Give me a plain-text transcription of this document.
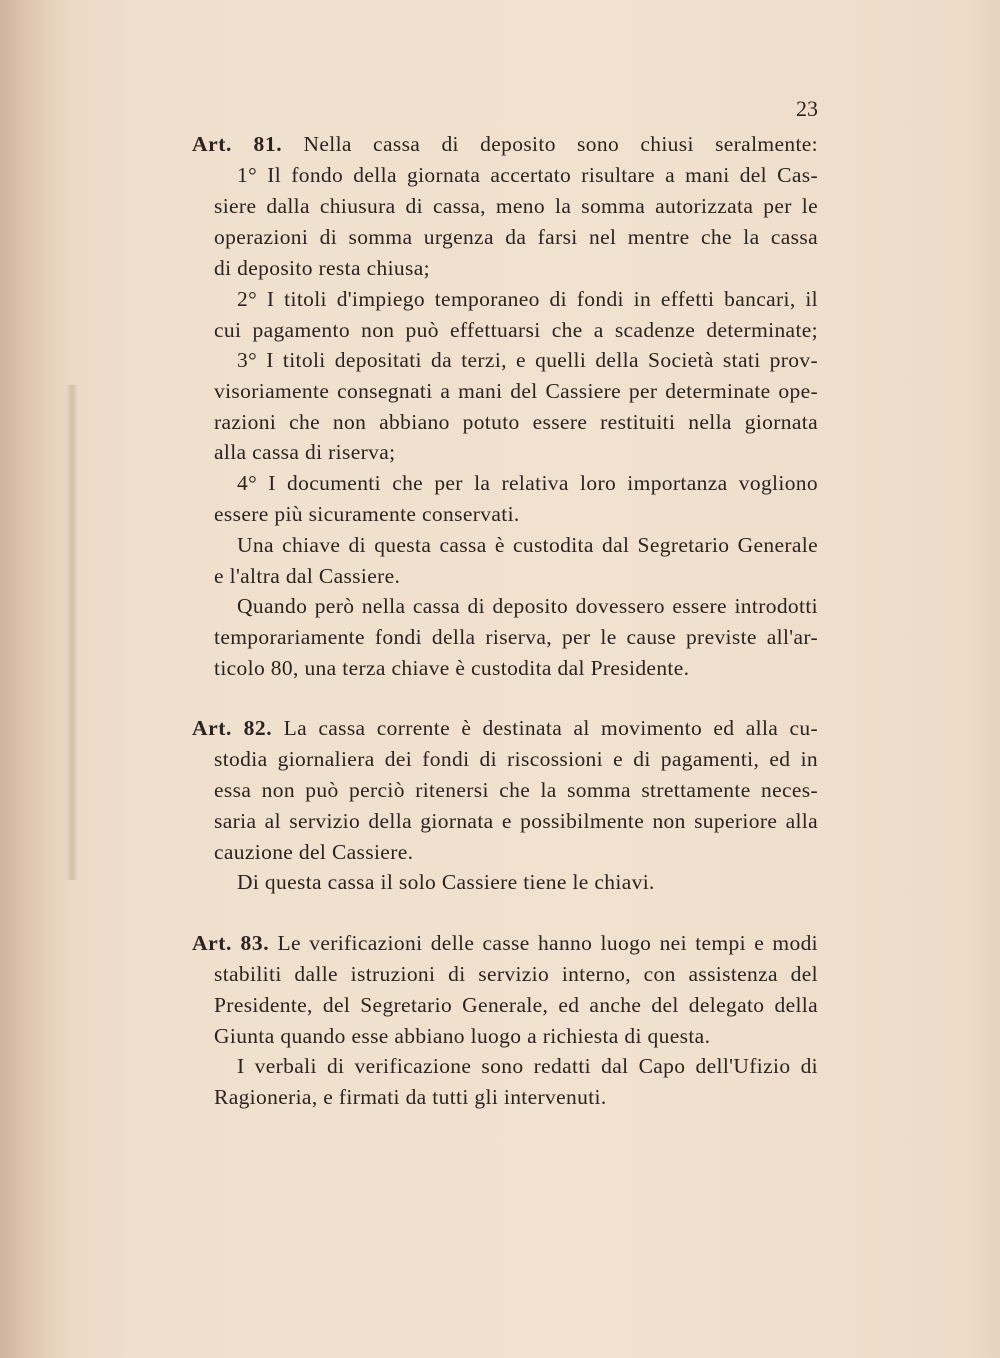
23
Art. 81. Nella cassa di deposito sono chiusi seralmente:
1° Il fondo della giornata accertato risultare a mani del Cas-
siere dalla chiusura di cassa, meno la somma autorizzata per le
operazioni di somma urgenza da farsi nel mentre che la cassa
di deposito resta chiusa;
2° I titoli d'impiego temporaneo di fondi in effetti bancari, il
cui pagamento non può effettuarsi che a scadenze determinate;
3° I titoli depositati da terzi, e quelli della Società stati prov-
visoriamente consegnati a mani del Cassiere per determinate ope-
razioni che non abbiano potuto essere restituiti nella giornata
alla cassa di riserva;
4° I documenti che per la relativa loro importanza vogliono
essere più sicuramente conservati.
Una chiave di questa cassa è custodita dal Segretario Generale
e l'altra dal Cassiere.
Quando però nella cassa di deposito dovessero essere introdotti
temporariamente fondi della riserva, per le cause previste all'ar-
ticolo 80, una terza chiave è custodita dal Presidente.
Art. 82. La cassa corrente è destinata al movimento ed alla cu-
stodia giornaliera dei fondi di riscossioni e di pagamenti, ed in
essa non può perciò ritenersi che la somma strettamente neces-
saria al servizio della giornata e possibilmente non superiore alla
cauzione del Cassiere.
Di questa cassa il solo Cassiere tiene le chiavi.
Art. 83. Le verificazioni delle casse hanno luogo nei tempi e modi
stabiliti dalle istruzioni di servizio interno, con assistenza del
Presidente, del Segretario Generale, ed anche del delegato della
Giunta quando esse abbiano luogo a richiesta di questa.
I verbali di verificazione sono redatti dal Capo dell'Ufizio di
Ragioneria, e firmati da tutti gli intervenuti.
